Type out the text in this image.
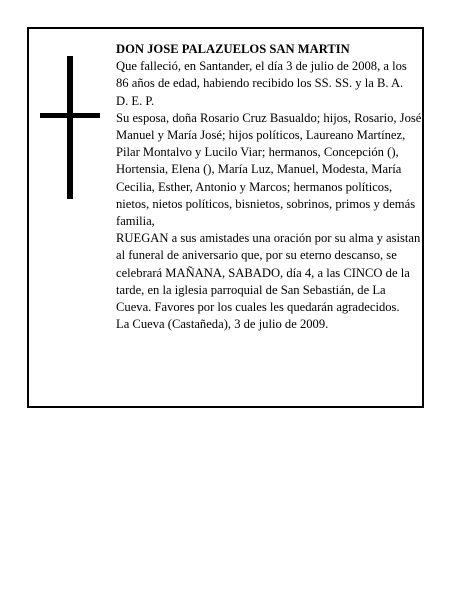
DON JOSE PALAZUELOS SAN MARTIN

Que falleció, en Santander, el día 3 de julio de 2008, a los 86 años de edad, habiendo recibido los SS. SS. y la B. A.

D. E. P.

Su esposa, doña Rosario Cruz Basualdo; hijos, Rosario, José Manuel y María José; hijos políticos, Laureano Martínez, Pilar Montalvo y Lucilo Viar; hermanos, Concepción (), Hortensia, Elena (), María Luz, Manuel, Modesta, María Cecilia, Esther, Antonio y Marcos; hermanos políticos, nietos, nietos políticos, bisnietos, sobrinos, primos y demás familia,

RUEGAN a sus amistades una oración por su alma y asistan al funeral de aniversario que, por su eterno descanso, se celebrará MAÑANA, SABADO, día 4, a las CINCO de la tarde, en la iglesia parroquial de San Sebastián, de La Cueva. Favores por los cuales les quedarán agradecidos.

La Cueva (Castañeda), 3 de julio de 2009.
